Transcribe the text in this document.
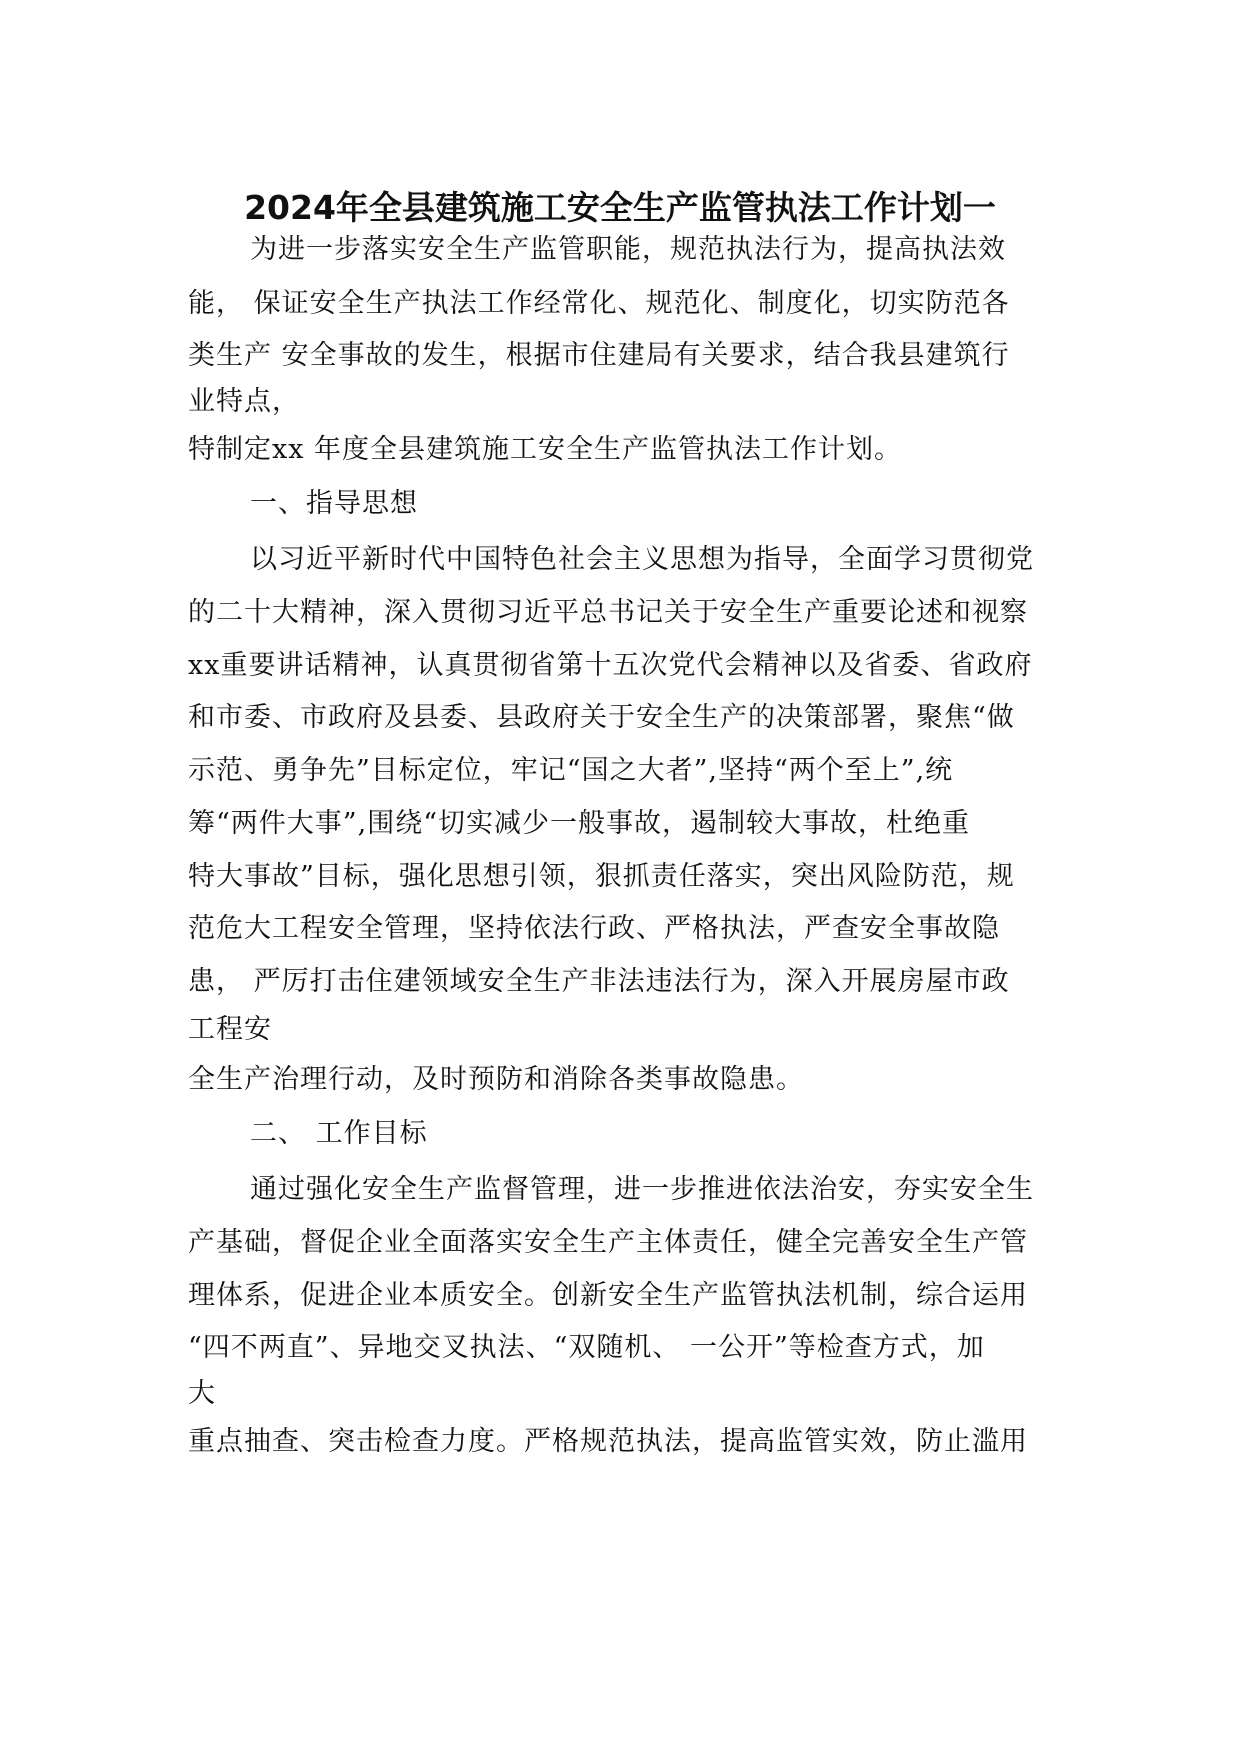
2024年全县建筑施工安全生产监管执法工作计划一
为进一步落实安全生产监管职能，规范执法行为，提高执法效
能， 保证安全生产执法工作经常化、规范化、制度化，切实防范各
类生产 安全事故的发生，根据市住建局有关要求，结合我县建筑行
业特点，
特制定xx 年度全县建筑施工安全生产监管执法工作计划。
一、指导思想
以习近平新时代中国特色社会主义思想为指导，全面学习贯彻党
的二十大精神，深入贯彻习近平总书记关于安全生产重要论述和视察
xx重要讲话精神，认真贯彻省第十五次党代会精神以及省委、省政府
和市委、市政府及县委、县政府关于安全生产的决策部署，聚焦“做
示范、勇争先”目标定位，牢记“国之大者”,坚持“两个至上”,统
筹“两件大事”,围绕“切实减少一般事故，遏制较大事故，杜绝重
特大事故”目标，强化思想引领，狠抓责任落实，突出风险防范，规
范危大工程安全管理，坚持依法行政、严格执法，严查安全事故隐
患， 严厉打击住建领域安全生产非法违法行为，深入开展房屋市政
工程安
全生产治理行动，及时预防和消除各类事故隐患。
二、 工作目标
通过强化安全生产监督管理，进一步推进依法治安，夯实安全生
产基础，督促企业全面落实安全生产主体责任，健全完善安全生产管
理体系，促进企业本质安全。创新安全生产监管执法机制，综合运用
“四不两直”、异地交叉执法、“双随机、 一公开”等检查方式，加
大
重点抽查、突击检查力度。严格规范执法，提高监管实效，防止滥用
